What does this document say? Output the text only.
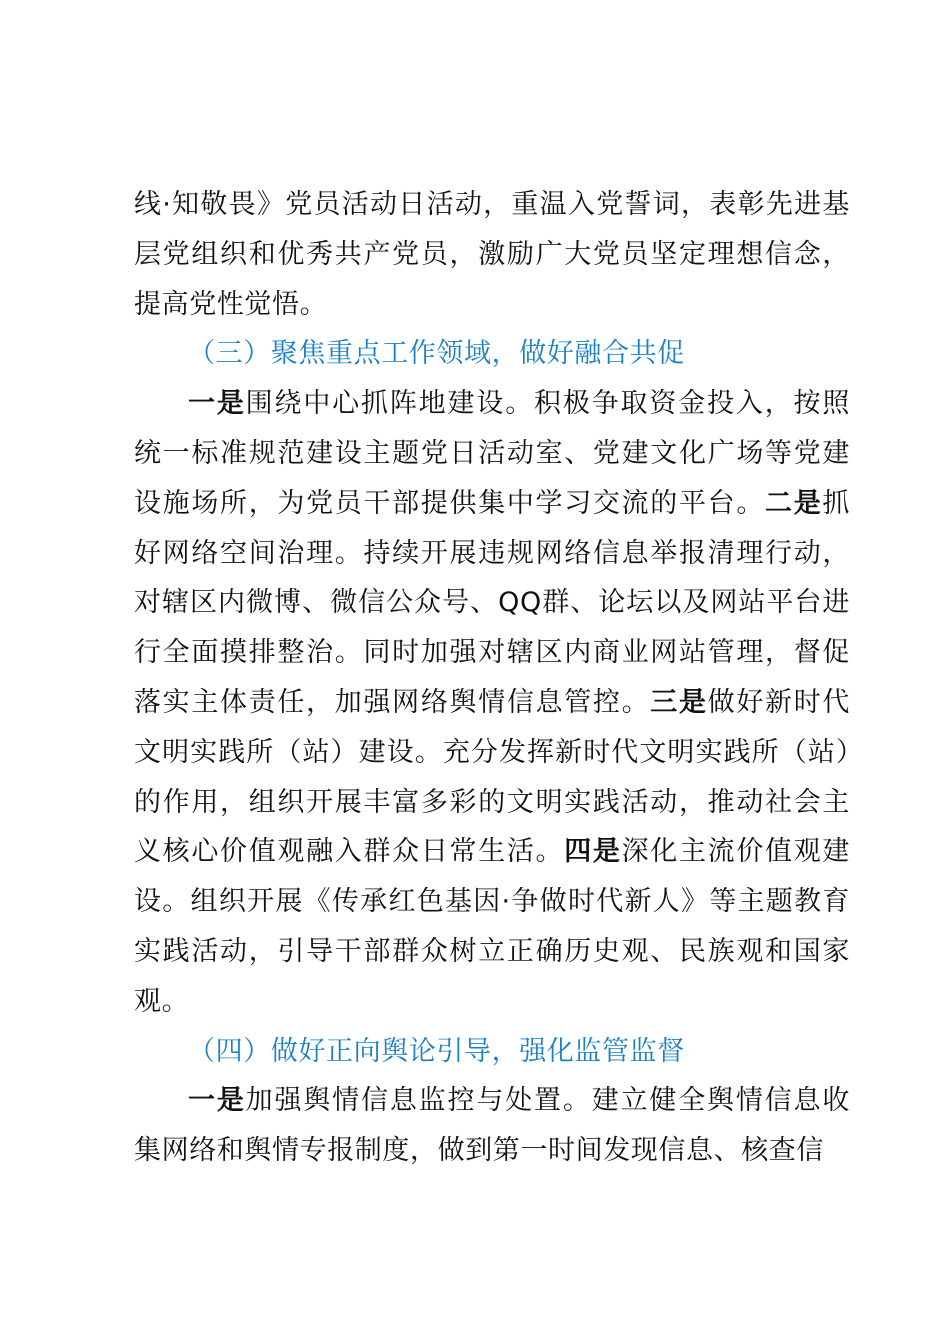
线·知敬畏》党员活动日活动，重温入党誓词，表彰先进基层党组织和优秀共产党员，激励广大党员坚定理想信念，提高党性觉悟。

（三）聚焦重点工作领域，做好融合共促

一是围绕中心抓阵地建设。积极争取资金投入，按照统一标准规范建设主题党日活动室、党建文化广场等党建设施场所，为党员干部提供集中学习交流的平台。二是抓好网络空间治理。持续开展违规网络信息举报清理行动，对辖区内微博、微信公众号、QQ群、论坛以及网站平台进行全面摸排整治。同时加强对辖区内商业网站管理，督促落实主体责任，加强网络舆情信息管控。三是做好新时代文明实践所（站）建设。充分发挥新时代文明实践所（站）的作用，组织开展丰富多彩的文明实践活动，推动社会主义核心价值观融入群众日常生活。四是深化主流价值观建设。组织开展《传承红色基因·争做时代新人》等主题教育实践活动，引导干部群众树立正确历史观、民族观和国家观。

（四）做好正向舆论引导，强化监管监督

一是加强舆情信息监控与处置。建立健全舆情信息收集网络和舆情专报制度，做到第一时间发现信息、核查信
